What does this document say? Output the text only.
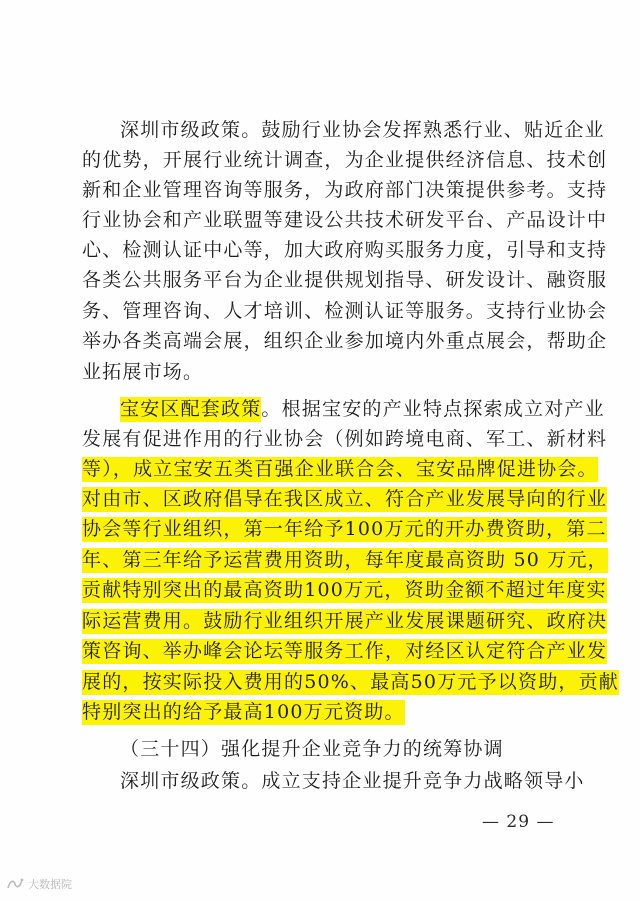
深圳市级政策。鼓励行业协会发挥熟悉行业、贴近企业
的优势，开展行业统计调查，为企业提供经济信息、技术创
新和企业管理咨询等服务，为政府部门决策提供参考。支持
行业协会和产业联盟等建设公共技术研发平台、产品设计中
心、检测认证中心等，加大政府购买服务力度，引导和支持
各类公共服务平台为企业提供规划指导、研发设计、融资服
务、管理咨询、人才培训、检测认证等服务。支持行业协会
举办各类高端会展，组织企业参加境内外重点展会，帮助企
业拓展市场。
宝安区配套政策。根据宝安的产业特点探索成立对产业
发展有促进作用的行业协会（例如跨境电商、军工、新材料
等），成立宝安五类百强企业联合会、宝安品牌促进协会。
对由市、区政府倡导在我区成立、符合产业发展导向的行业
协会等行业组织，第一年给予100万元的开办费资助，第二
年、第三年给予运营费用资助，每年度最高资助 50 万元，
贡献特别突出的最高资助100万元，资助金额不超过年度实
际运营费用。鼓励行业组织开展产业发展课题研究、政府决
策咨询、举办峰会论坛等服务工作，对经区认定符合产业发
展的，按实际投入费用的50%、最高50万元予以资助，贡献
特别突出的给予最高100万元资助。
（三十四）强化提升企业竞争力的统筹协调
深圳市级政策。成立支持企业提升竞争力战略领导小
— 29 —
大数据院
